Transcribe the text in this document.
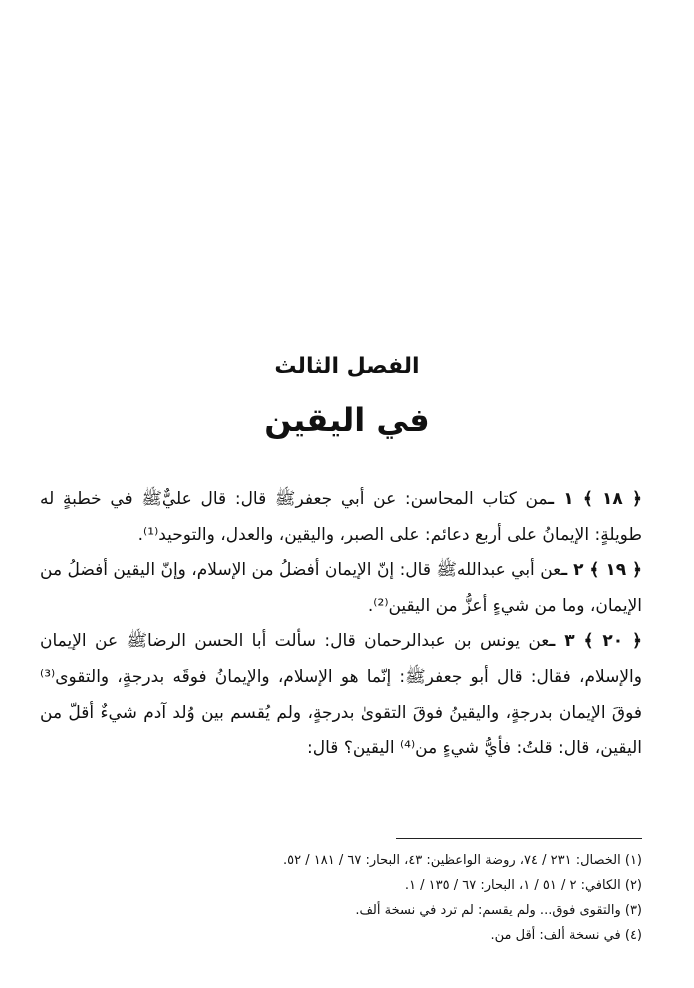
الفصل الثالث
في اليقين

﴿ ١٨ ﴾ ١ ـمن كتاب المحاسن: عن أبي جعفرﷺ قال: قال عليٌّﷺ في خطبةٍ له طويلةٍ: الإيمانُ على أربع دعائم: على الصبر، واليقين، والعدل، والتوحيد⁽¹⁾.

﴿ ١٩ ﴾ ٢ ـعن أبي عبداللهﷺ قال: إنّ الإيمان أفضلُ من الإسلام، وإنّ اليقين أفضلُ من الإيمان، وما من شيءٍ أعزُّ من اليقين⁽²⁾.

﴿ ٢٠ ﴾ ٣ ـعن يونس بن عبدالرحمان قال: سألت أبا الحسن الرضاﷺ عن الإيمان والإسلام، فقال: قال أبو جعفرﷺ: إنّما هو الإسلام، والإيمانُ فوقَه بدرجةٍ، والتقوى⁽³⁾ فوقَ الإيمان بدرجةٍ، واليقينُ فوقَ التقوىٰ بدرجةٍ، ولم يُقسم بين وُلد آدم شيءٌ أقلّ من اليقين، قال: قلتُ: فأيُّ شيءٍ من⁽⁴⁾ اليقين؟ قال:

(١) الخصال: ٢٣١ / ٧٤، روضة الواعظين: ٤٣، البحار: ٦٧ / ١٨١ / ٥٢.
(٢) الكافي: ٢ / ٥١ / ١، البحار: ٦٧ / ١٣٥ / ١.
(٣) والتقوى فوق... ولم يقسم: لم ترد في نسخة ألف.
(٤) في نسخة ألف: أقل من.
